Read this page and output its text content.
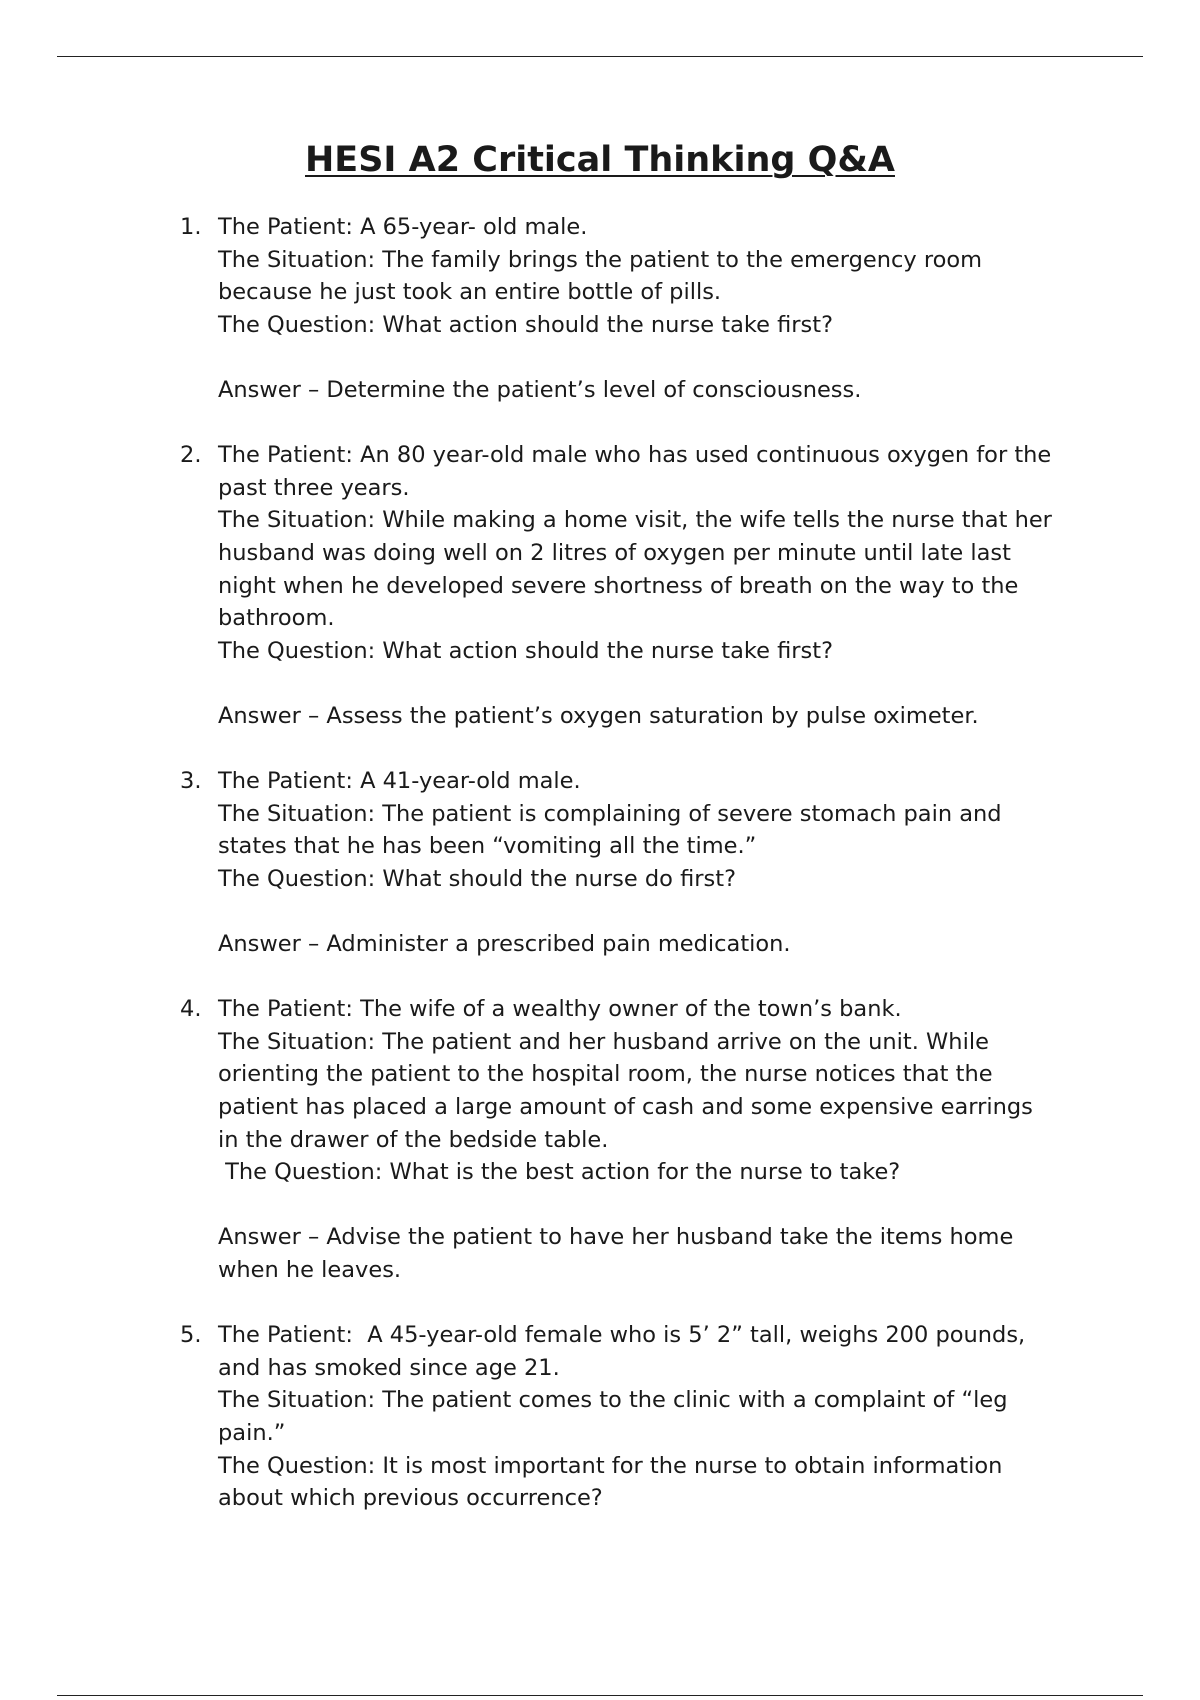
HESI A2 Critical Thinking Q&A
1. The Patient: A 65-year- old male.
The Situation: The family brings the patient to the emergency room because he just took an entire bottle of pills.
The Question: What action should the nurse take first?
Answer – Determine the patient’s level of consciousness.
2. The Patient: An 80 year-old male who has used continuous oxygen for the past three years.
The Situation: While making a home visit, the wife tells the nurse that her husband was doing well on 2 litres of oxygen per minute until late last night when he developed severe shortness of breath on the way to the bathroom.
The Question: What action should the nurse take first?
Answer – Assess the patient’s oxygen saturation by pulse oximeter.
3. The Patient: A 41-year-old male.
The Situation: The patient is complaining of severe stomach pain and states that he has been “vomiting all the time.”
The Question: What should the nurse do first?
Answer – Administer a prescribed pain medication.
4. The Patient: The wife of a wealthy owner of the town’s bank.
The Situation: The patient and her husband arrive on the unit. While orienting the patient to the hospital room, the nurse notices that the patient has placed a large amount of cash and some expensive earrings in the drawer of the bedside table.
The Question: What is the best action for the nurse to take?
Answer – Advise the patient to have her husband take the items home when he leaves.
5. The Patient:  A 45-year-old female who is 5’ 2” tall, weighs 200 pounds, and has smoked since age 21.
The Situation: The patient comes to the clinic with a complaint of “leg pain.”
The Question: It is most important for the nurse to obtain information about which previous occurrence?
